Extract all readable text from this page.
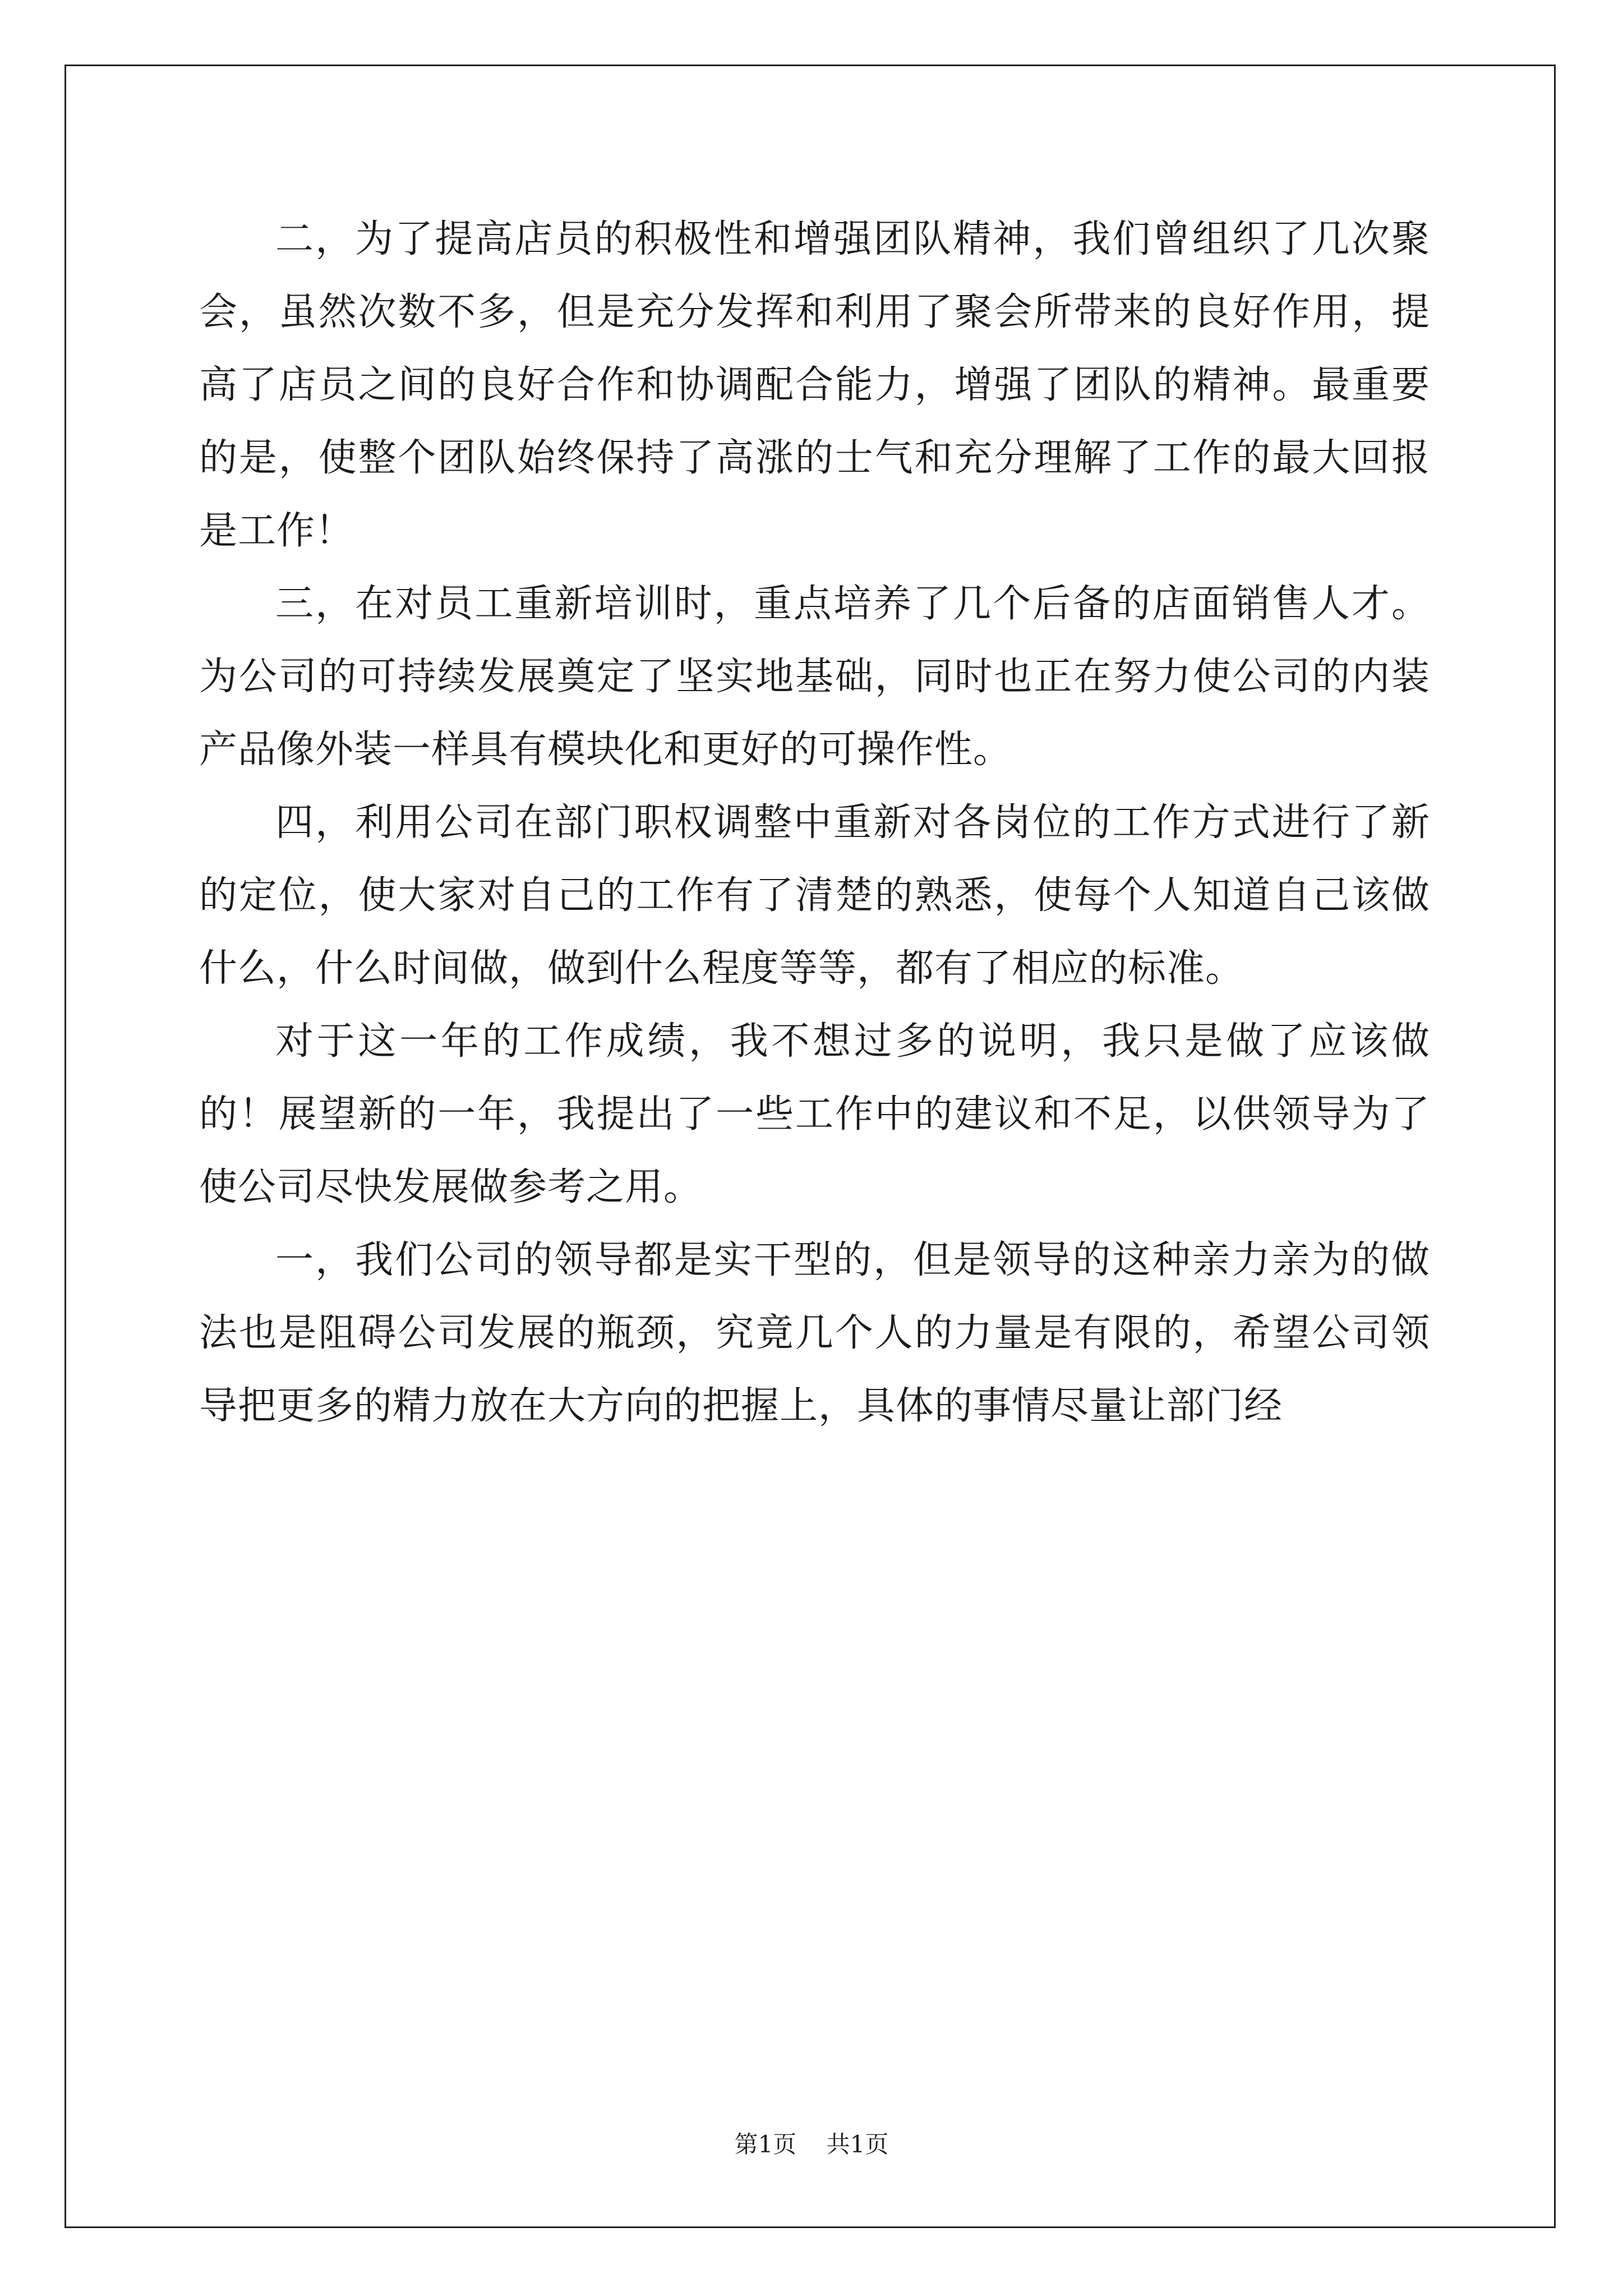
二，为了提高店员的积极性和增强团队精神，我们曾组织了几次聚会，虽然次数不多，但是充分发挥和利用了聚会所带来的良好作用，提高了店员之间的良好合作和协调配合能力，增强了团队的精神。最重要的是，使整个团队始终保持了高涨的士气和充分理解了工作的最大回报是工作！

三，在对员工重新培训时，重点培养了几个后备的店面销售人才。为公司的可持续发展奠定了坚实地基础，同时也正在努力使公司的内装产品像外装一样具有模块化和更好的可操作性。

四，利用公司在部门职权调整中重新对各岗位的工作方式进行了新的定位，使大家对自己的工作有了清楚的熟悉，使每个人知道自己该做什么，什么时间做，做到什么程度等等，都有了相应的标准。

对于这一年的工作成绩，我不想过多的说明，我只是做了应该做的！展望新的一年，我提出了一些工作中的建议和不足，以供领导为了使公司尽快发展做参考之用。

一，我们公司的领导都是实干型的，但是领导的这种亲力亲为的做法也是阻碍公司发展的瓶颈，究竟几个人的力量是有限的，希望公司领导把更多的精力放在大方向的把握上，具体的事情尽量让部门经

第1页 共1页
